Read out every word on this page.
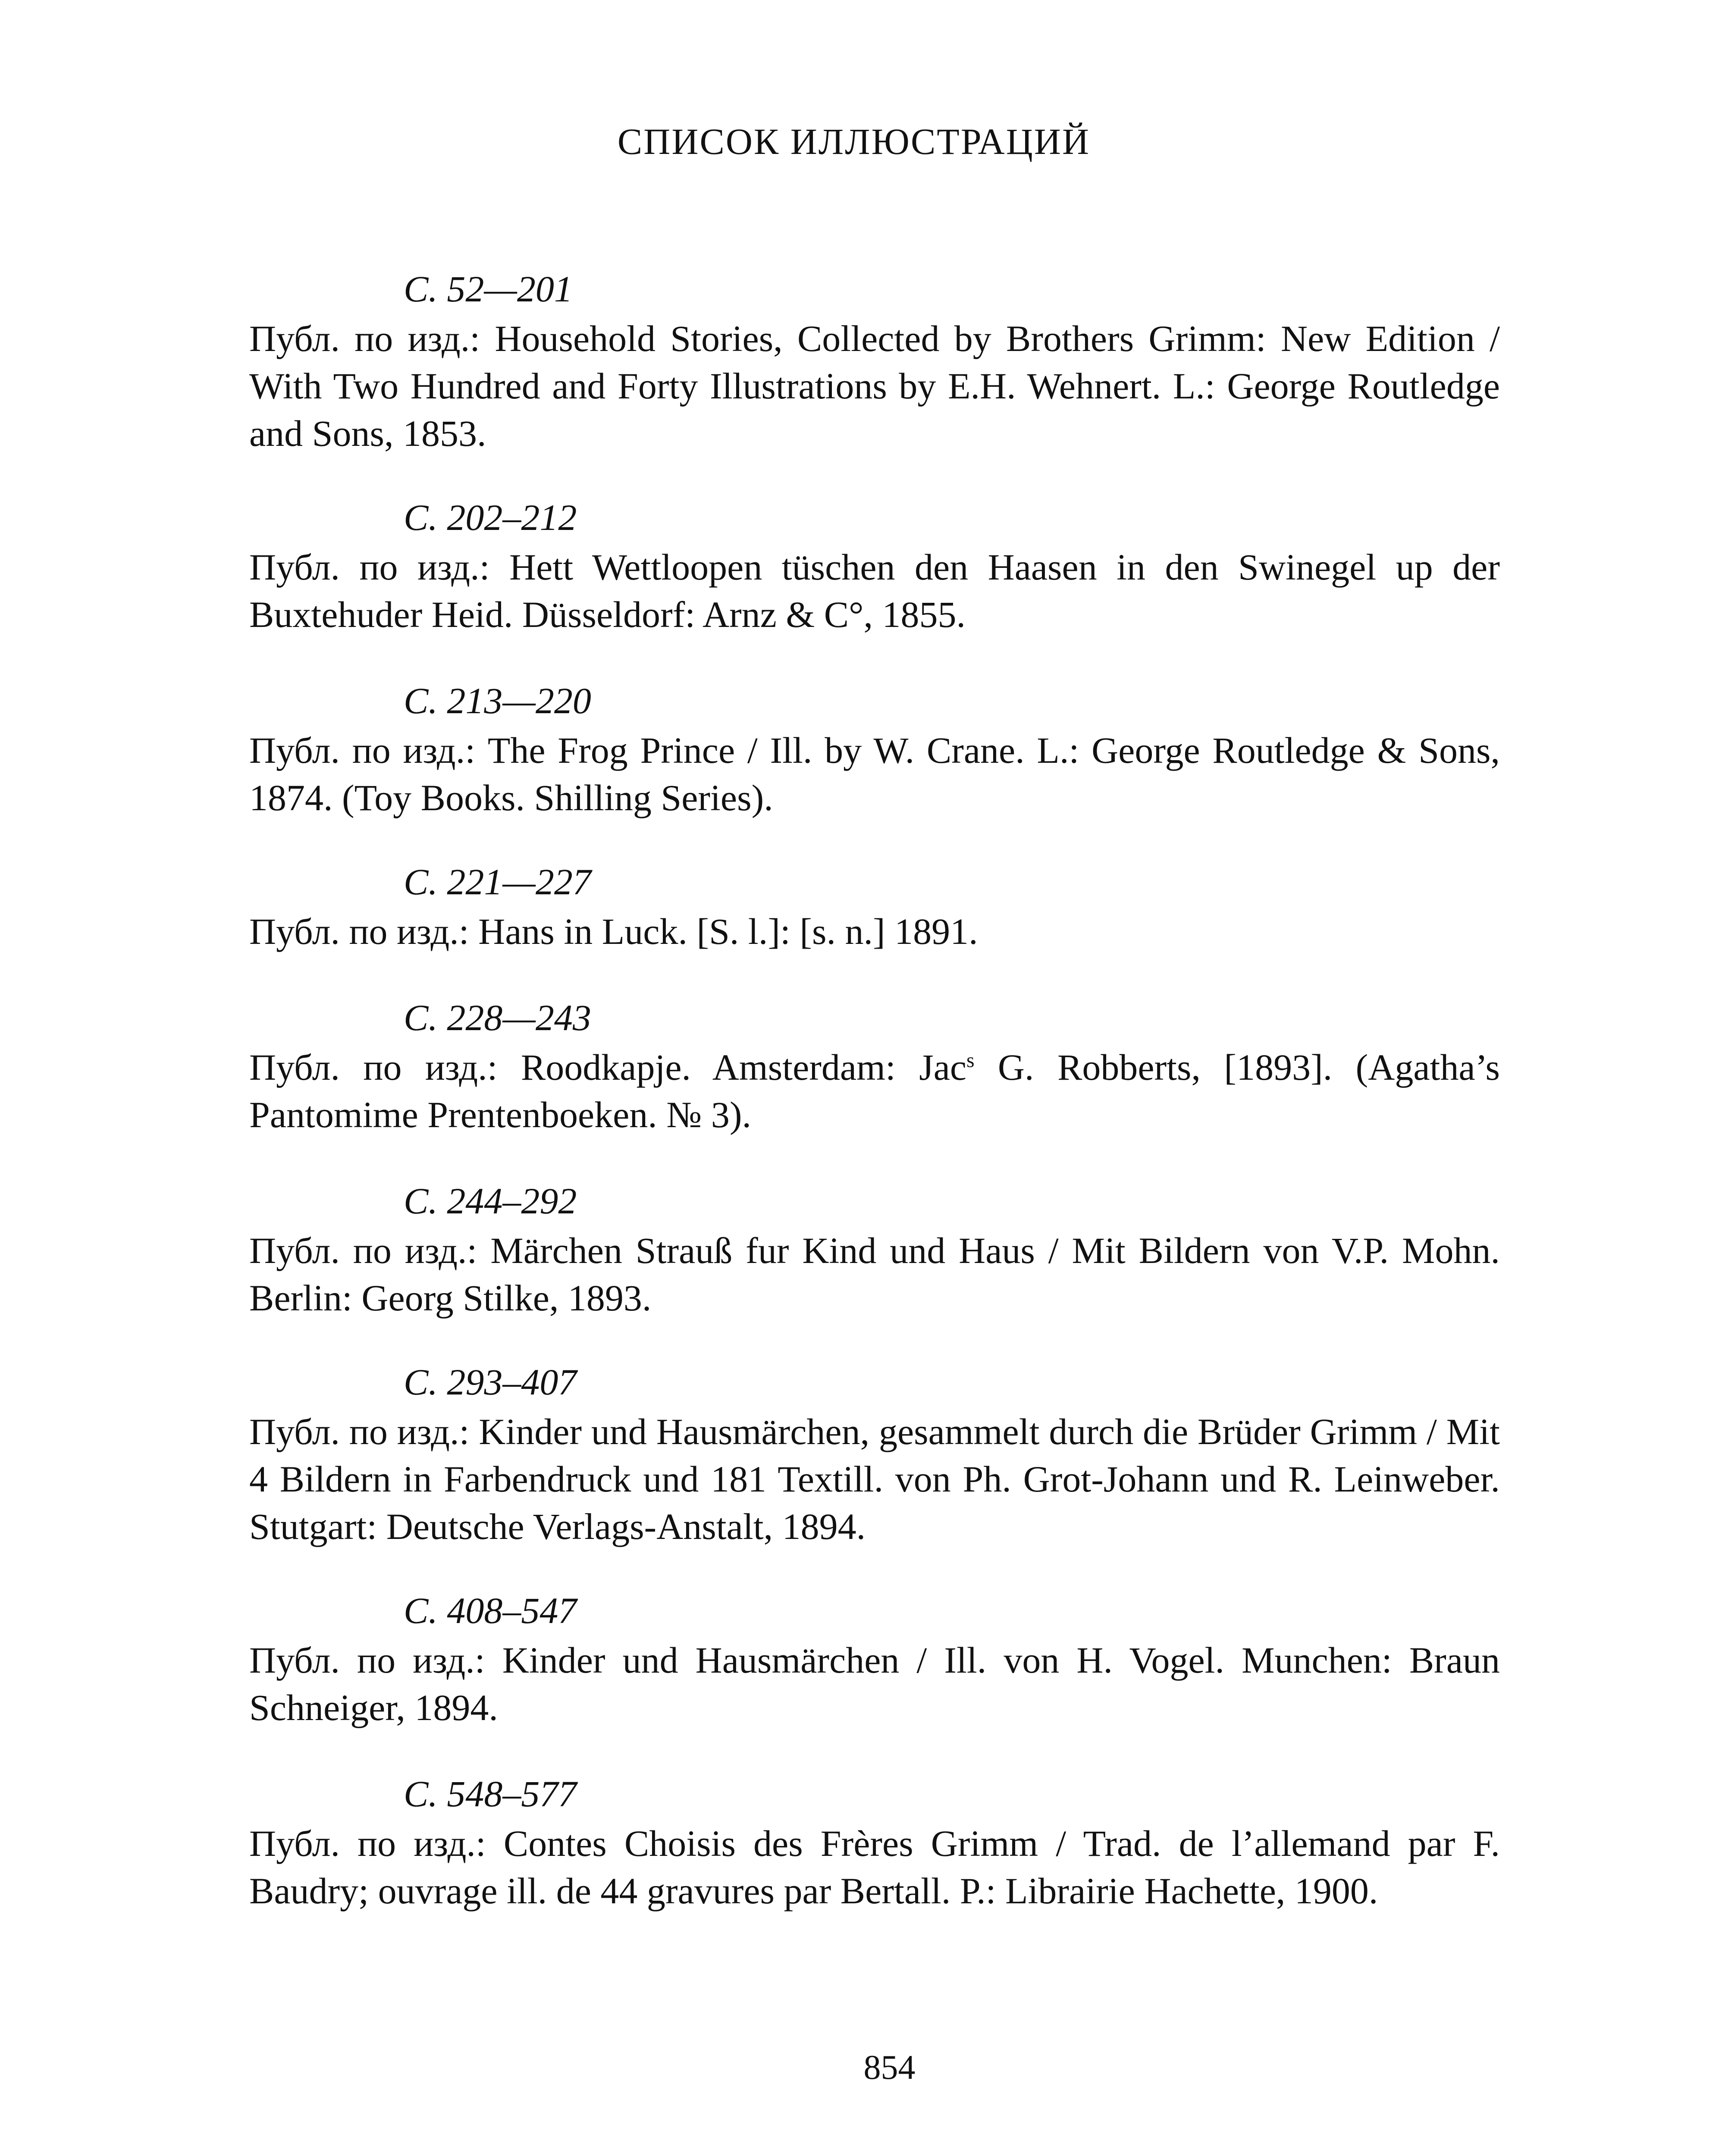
СПИСОК ИЛЛЮСТРАЦИЙ
С. 52—201
Публ. по изд.: Household Stories, Collected by Brothers Grimm: New Edition / With Two Hundred and Forty Illustrations by E.H. Wehnert. L.: George Routledge and Sons, 1853.
С. 202–212
Публ. по изд.: Hett Wettloopen tüschen den Haasen in den Swinegel up der Buxtehuder Heid. Düsseldorf: Arnz & C°, 1855.
С. 213—220
Публ. по изд.: The Frog Prince / Ill. by W. Crane. L.: George Routledge & Sons, 1874. (Toy Books. Shilling Series).
С. 221—227
Публ. по изд.: Hans in Luck. [S. l.]: [s. n.] 1891.
С. 228—243
Публ. по изд.: Roodkapje. Amsterdam: Jac$^s$ G. Robberts, [1893]. (Agatha’s Pantomime Prentenboeken. № 3).
С. 244–292
Публ. по изд.: Märchen Strauß fur Kind und Haus / Mit Bildern von V.P. Mohn. Berlin: Georg Stilke, 1893.
С. 293–407
Публ. по изд.: Kinder und Hausmärchen, gesammelt durch die Brüder Grimm / Mit 4 Bildern in Farbendruck und 181 Textill. von Ph. Grot-Johann und R. Leinweber. Stutgart: Deutsche Verlags-Anstalt, 1894.
С. 408–547
Публ. по изд.: Kinder und Hausmärchen / Ill. von H. Vogel. Munchen: Braun Schneiger, 1894.
С. 548–577
Публ. по изд.: Contes Choisis des Frères Grimm / Trad. de l’allemand par F. Baudry; ouvrage ill. de 44 gravures par Bertall. P.: Librairie Hachette, 1900.
854
